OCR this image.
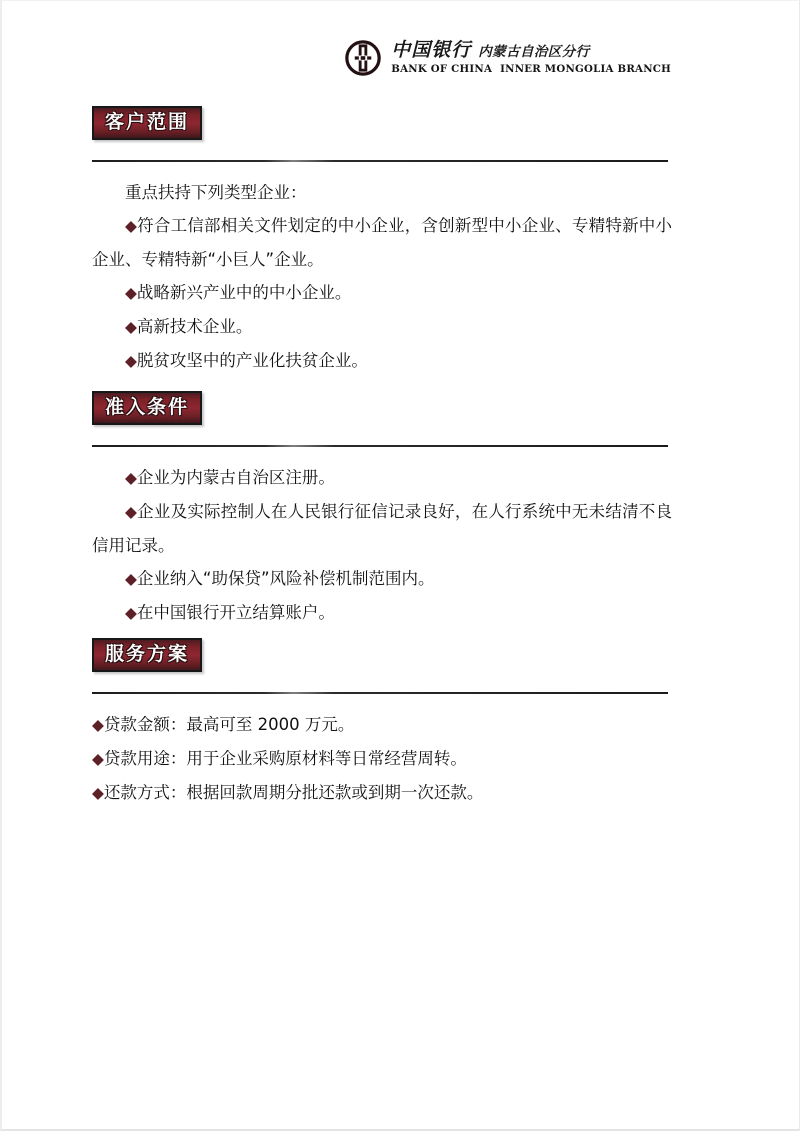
中国银行 内蒙古自治区分行
BANK OF CHINA INNER MONGOLIA BRANCH
客户范围

重点扶持下列类型企业：

◆符合工信部相关文件划定的中小企业，含创新型中小企业、专精特新中小企业、专精特新“小巨人”企业。

◆战略新兴产业中的中小企业。

◆高新技术企业。

◆脱贫攻坚中的产业化扶贫企业。

准入条件

◆企业为内蒙古自治区注册。

◆企业及实际控制人在人民银行征信记录良好，在人行系统中无未结清不良信用记录。

◆企业纳入“助保贷”风险补偿机制范围内。

◆在中国银行开立结算账户。

服务方案

◆贷款金额：最高可至 2000 万元。

◆贷款用途：用于企业采购原材料等日常经营周转。

◆还款方式：根据回款周期分批还款或到期一次还款。
